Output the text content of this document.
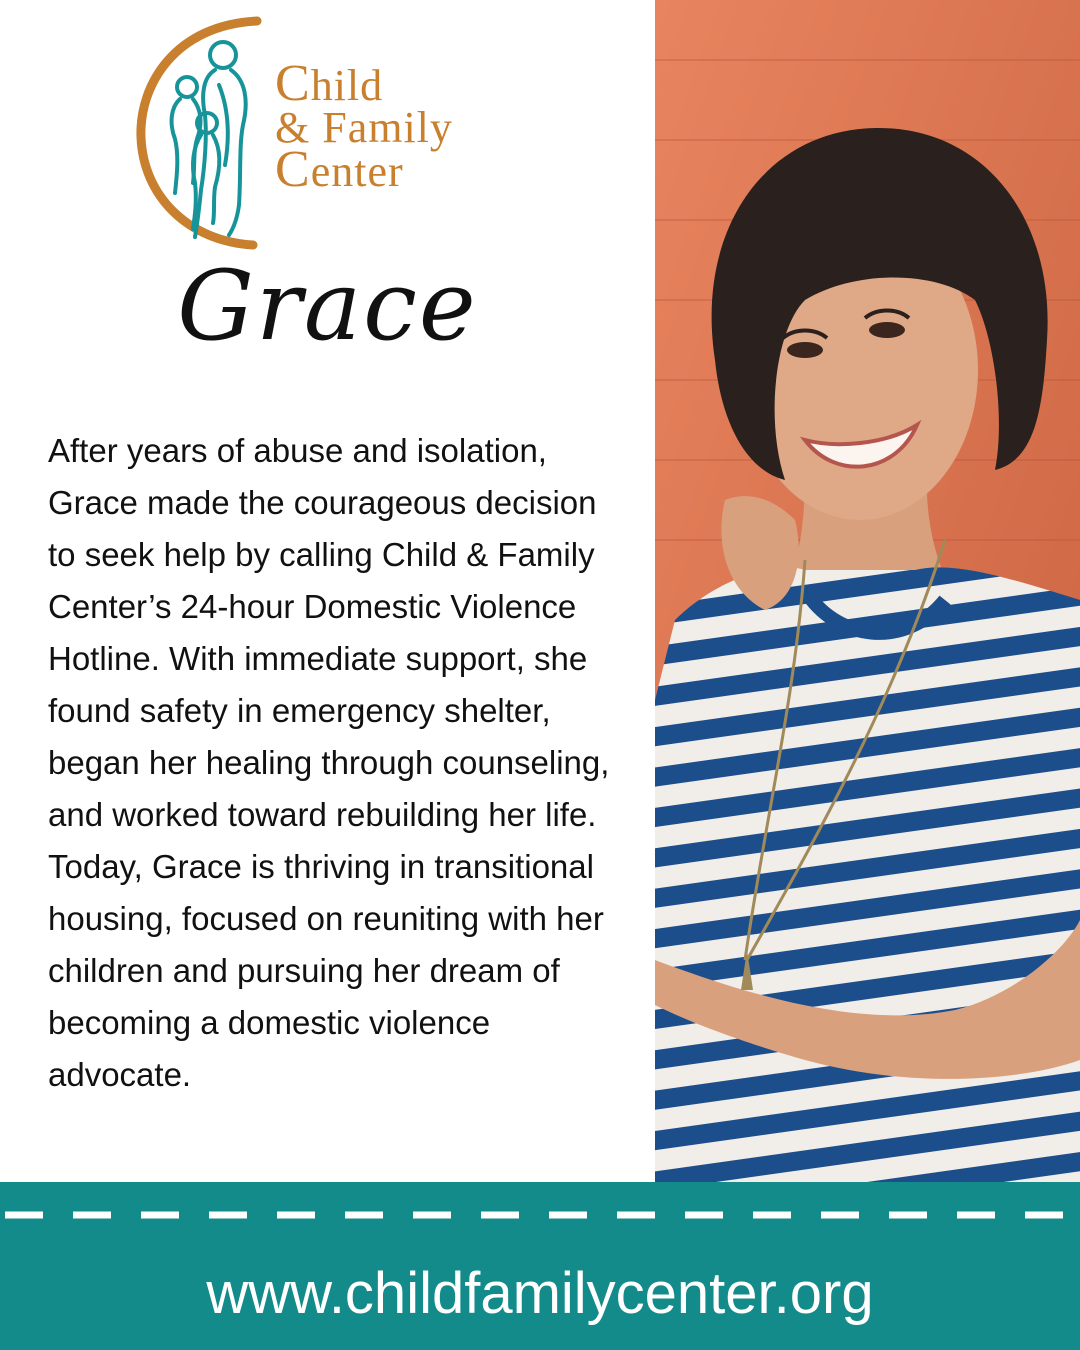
Child
& Family
Center
Grace

After years of abuse and isolation, Grace made the courageous decision to seek help by calling Child & Family Center’s 24-hour Domestic Violence Hotline. With immediate support, she found safety in emergency shelter, began her healing through counseling, and worked toward rebuilding her life. Today, Grace is thriving in transitional housing, focused on reuniting with her children and pursuing her dream of becoming a domestic violence advocate.

www.childfamilycenter.org
